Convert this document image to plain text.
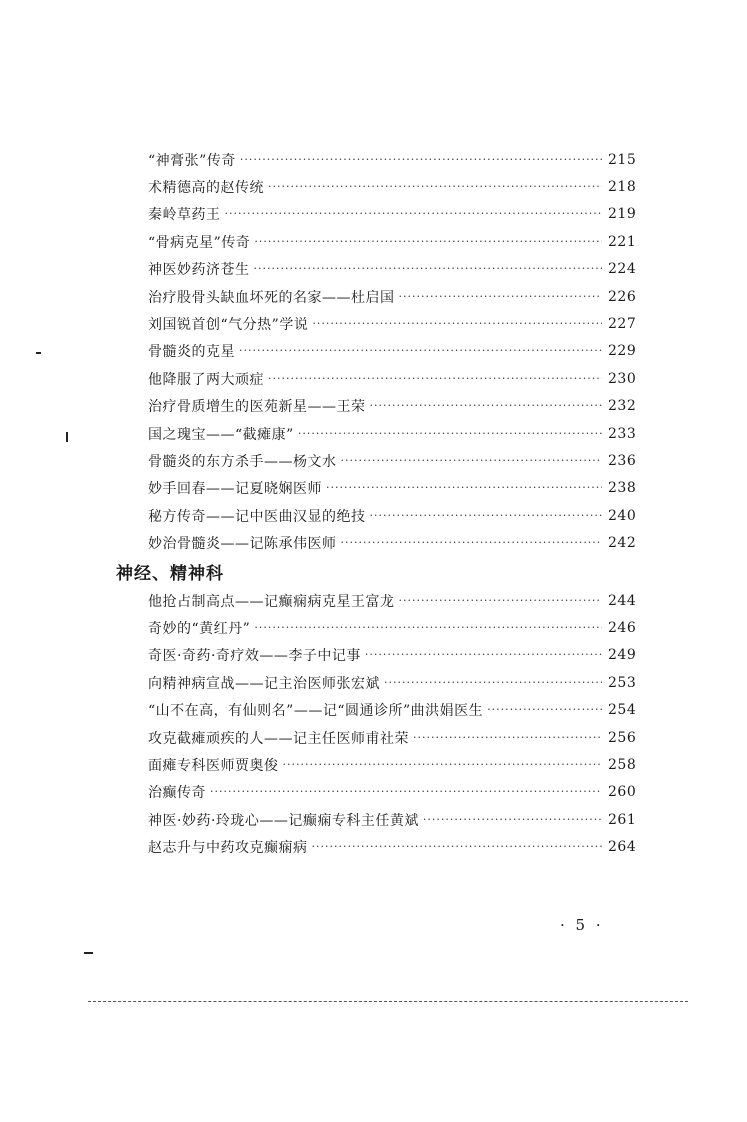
“神膏张”传奇 ·····	215
术精德高的赵传统 ·····	218
秦岭草药王 ·····	219
“骨病克星”传奇 ·····	221
神医妙药济苍生 ·····	224
治疗股骨头缺血坏死的名家——杜启国 ·····	226
刘国锐首创“气分热”学说 ·····	227
骨髓炎的克星 ·····	229
他降服了两大顽症 ·····	230
治疗骨质增生的医苑新星——王荣 ·····	232
国之瑰宝——“截瘫康” ·····	233
骨髓炎的东方杀手——杨文水 ·····	236
妙手回春——记夏晓娴医师 ·····	238
秘方传奇——记中医曲汉显的绝技 ·····	240
妙治骨髓炎——记陈承伟医师 ·····	242
神经、精神科
他抢占制高点——记癫痫病克星王富龙 ·····	244
奇妙的“黄红丹” ·····	246
奇医·奇药·奇疗效——李子中记事 ·····	249
向精神病宣战——记主治医师张宏斌 ·····	253
“山不在高，有仙则名”——记“圆通诊所”曲洪娟医生 ·····	254
攻克截瘫顽疾的人——记主任医师甫社荣 ·····	256
面瘫专科医师贾奥俊 ·····	258
治癫传奇 ·····	260
神医·妙药·玲珑心——记癫痫专科主任黄斌 ·····	261
赵志升与中药攻克癫痫病 ·····	264
· 5 ·
